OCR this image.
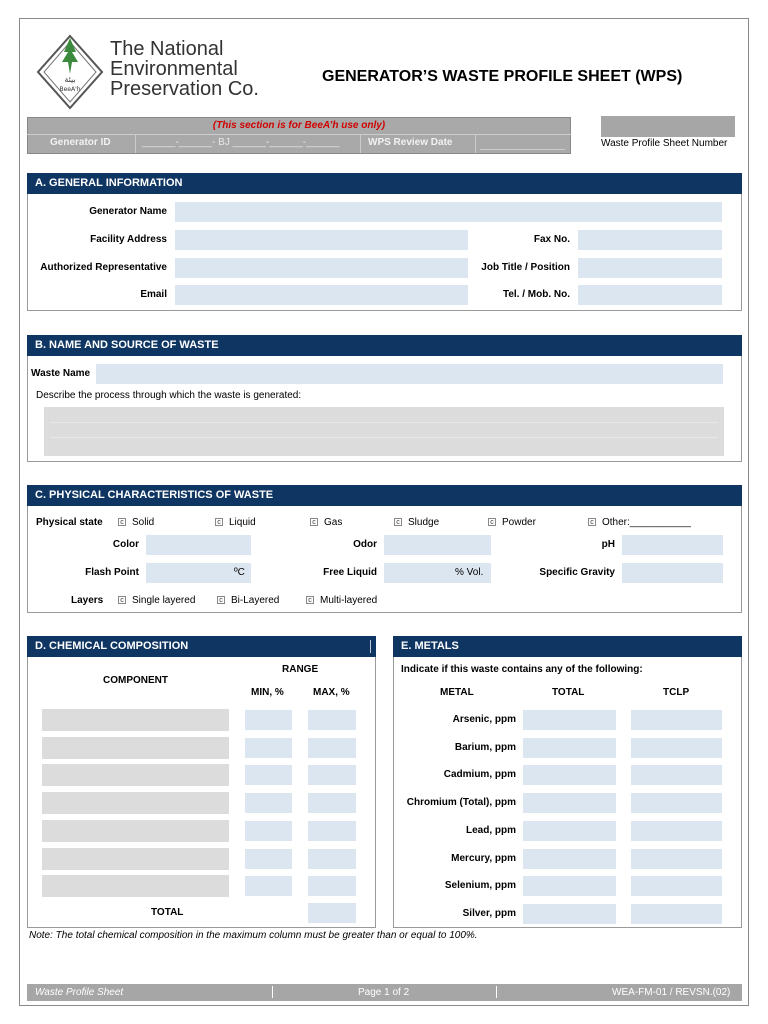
بيئة
BeeA'h
The National
Environmental
Preservation Co.
GENERATOR’S WASTE PROFILE SHEET (WPS)
(This section is for BeeA’h use only)
Generator ID	______-______- BJ ______-______-______	WPS Review Date	Waste Profile Sheet Number
A. GENERAL INFORMATION
Generator Name
Facility Address	Fax No.
Authorized Representative	Job Title / Position
Email	Tel. / Mob. No.
B. NAME AND SOURCE OF WASTE
Waste Name
Describe the process through which the waste is generated:
C. PHYSICAL CHARACTERISTICS OF WASTE
Physical state	c Solid	c Liquid	c Gas	c Sludge	c Powder	c Other:___________
Color	Odor	pH
Flash Point	ºC	Free Liquid	% Vol.	Specific Gravity
Layers	c Single layered	c Bi-Layered	c Multi-layered
D. CHEMICAL COMPOSITION
RANGE
COMPONENT
MIN, %	MAX, %
TOTAL
E. METALS
Indicate if this waste contains any of the following:
METAL	TOTAL	TCLP
Arsenic, ppm
Barium, ppm
Cadmium, ppm
Chromium (Total), ppm
Lead, ppm
Mercury, ppm
Selenium, ppm
Silver, ppm
Note: The total chemical composition in the maximum column must be greater than or equal to 100%.
Waste Profile Sheet	Page 1 of 2	WEA-FM-01 / REVSN.(02)
